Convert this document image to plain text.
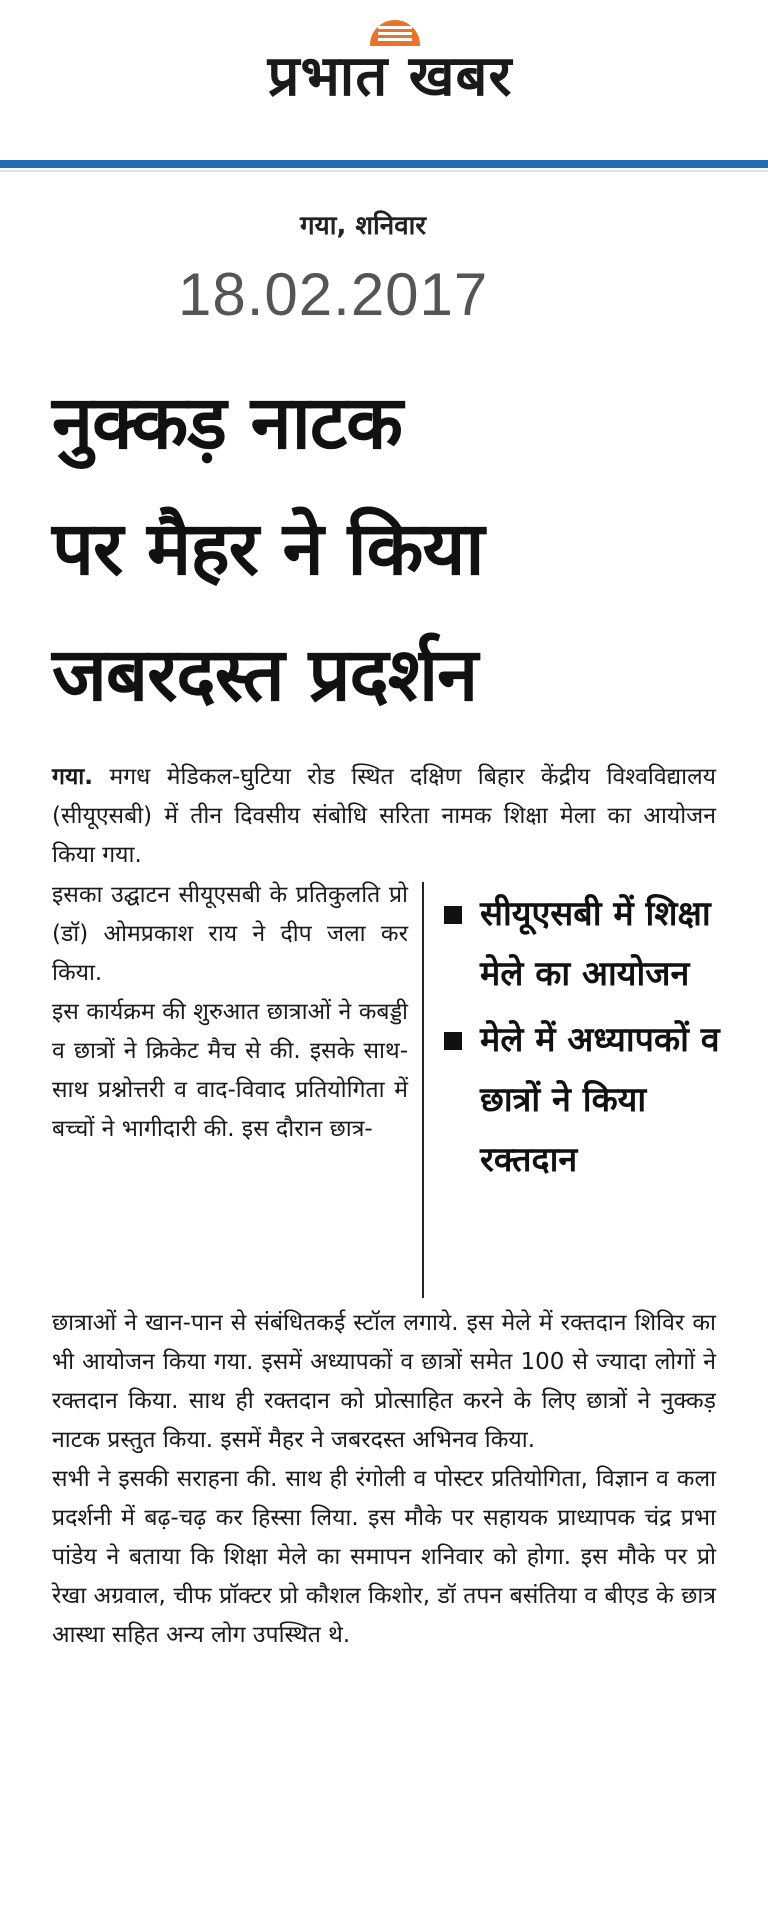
प्रभात खबर
गया, शनिवार
18.02.2017
नुक्कड़ नाटक
पर मैहर ने किया
जबरदस्त प्रदर्शन
गया. मगध मेडिकल-घुटिया रोड स्थित दक्षिण बिहार केंद्रीय विश्वविद्यालय (सीयूएसबी) में तीन दिवसीय संबोधि सरिता नामक शिक्षा मेला का आयोजन किया गया.
इसका उद्घाटन सीयूएसबी के प्रतिकुलति प्रो (डॉ) ओमप्रकाश राय ने दीप जला कर किया.
इस कार्यक्रम की शुरुआत छात्राओं ने कबड्डी व छात्रों ने क्रिकेट मैच से की. इसके साथ-साथ प्रश्नोत्तरी व वाद-विवाद प्रतियोगिता में बच्चों ने भागीदारी की. इस दौरान छात्र-
सीयूएसबी में शिक्षा मेले का आयोजन
मेले में अध्यापकों व छात्रों ने किया रक्तदान

छात्राओं ने खान-पान से संबंधितकई स्टॉल लगाये. इस मेले में रक्तदान शिविर का भी आयोजन किया गया. इसमें अध्यापकों व छात्रों समेत 100 से ज्यादा लोगों ने रक्तदान किया. साथ ही रक्तदान को प्रोत्साहित करने के लिए छात्रों ने नुक्कड़ नाटक प्रस्तुत किया. इसमें मैहर ने जबरदस्त अभिनव किया.

सभी ने इसकी सराहना की. साथ ही रंगोली व पोस्टर प्रतियोगिता, विज्ञान व कला प्रदर्शनी में बढ़-चढ़ कर हिस्सा लिया. इस मौके पर सहायक प्राध्यापक चंद्र प्रभा पांडेय ने बताया कि शिक्षा मेले का समापन शनिवार को होगा. इस मौके पर प्रो रेखा अग्रवाल, चीफ प्रॉक्टर प्रो कौशल किशोर, डॉ तपन बसंतिया व बीएड के छात्र आस्था सहित अन्य लोग उपस्थित थे.
